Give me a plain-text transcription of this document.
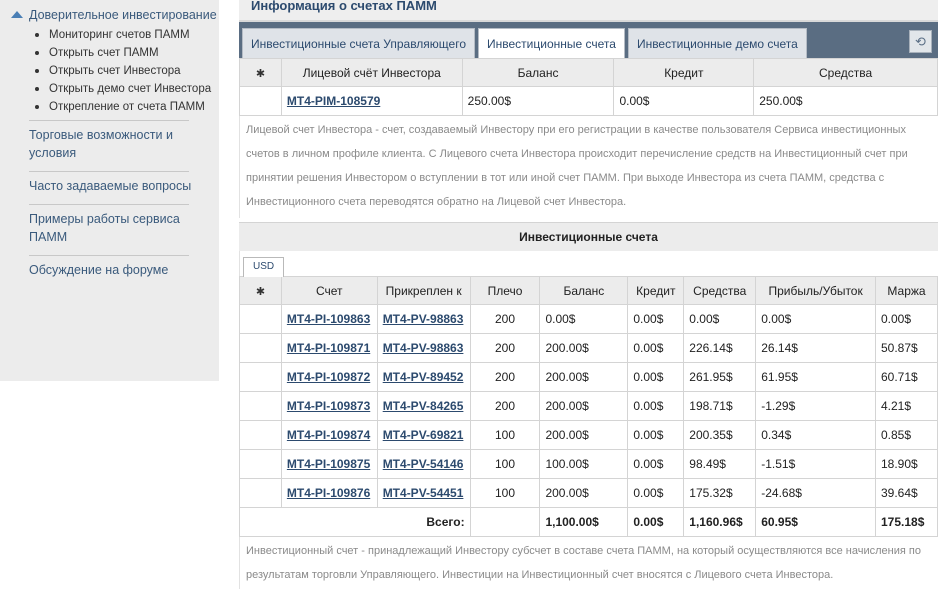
Доверительное инвестирование
Мониторинг счетов ПАММ
Открыть счет ПАММ
Открыть счет Инвестора
Открыть демо счет Инвестора
Открепление от счета ПАММ
Торговые возможности и условия
Часто задаваемые вопросы
Примеры работы сервиса ПАММ
Обсуждение на форуме
Информация о счетах ПАММ
Инвестиционные счета Управляющего	Инвестиционные счета	Инвестиционные демо счета	⟲
✱	Лицевой счёт Инвестора	Баланс	Кредит	Средства
	MT4-PIM-108579	250.00$	0.00$	250.00$
Лицевой счет Инвестора - счет, создаваемый Инвестору при его регистрации в качестве пользователя Сервиса инвестиционных счетов в личном профиле клиента. С Лицевого счета Инвестора происходит перечисление средств на Инвестиционный счет при принятии решения Инвестором о вступлении в тот или иной счет ПАММ. При выходе Инвестора из счета ПАММ, средства с Инвестиционного счета переводятся обратно на Лицевой счет Инвестора.
Инвестиционные счета
USD
✱	Счет	Прикреплен к	Плечо	Баланс	Кредит	Средства	Прибыль/Убыток	Маржа
	MT4-PI-109863	MT4-PV-98863	200	0.00$	0.00$	0.00$	0.00$	0.00$
	MT4-PI-109871	MT4-PV-98863	200	200.00$	0.00$	226.14$	26.14$	50.87$
	MT4-PI-109872	MT4-PV-89452	200	200.00$	0.00$	261.95$	61.95$	60.71$
	MT4-PI-109873	MT4-PV-84265	200	200.00$	0.00$	198.71$	-1.29$	4.21$
	MT4-PI-109874	MT4-PV-69821	100	200.00$	0.00$	200.35$	0.34$	0.85$
	MT4-PI-109875	MT4-PV-54146	100	100.00$	0.00$	98.49$	-1.51$	18.90$
	MT4-PI-109876	MT4-PV-54451	100	200.00$	0.00$	175.32$	-24.68$	39.64$
Всего:				1,100.00$	0.00$	1,160.96$	60.95$	175.18$
Инвестиционный счет - принадлежащий Инвестору субсчет в составе счета ПАММ, на который осуществляются все начисления по результатам торговли Управляющего. Инвестиции на Инвестиционный счет вносятся с Лицевого счета Инвестора.
